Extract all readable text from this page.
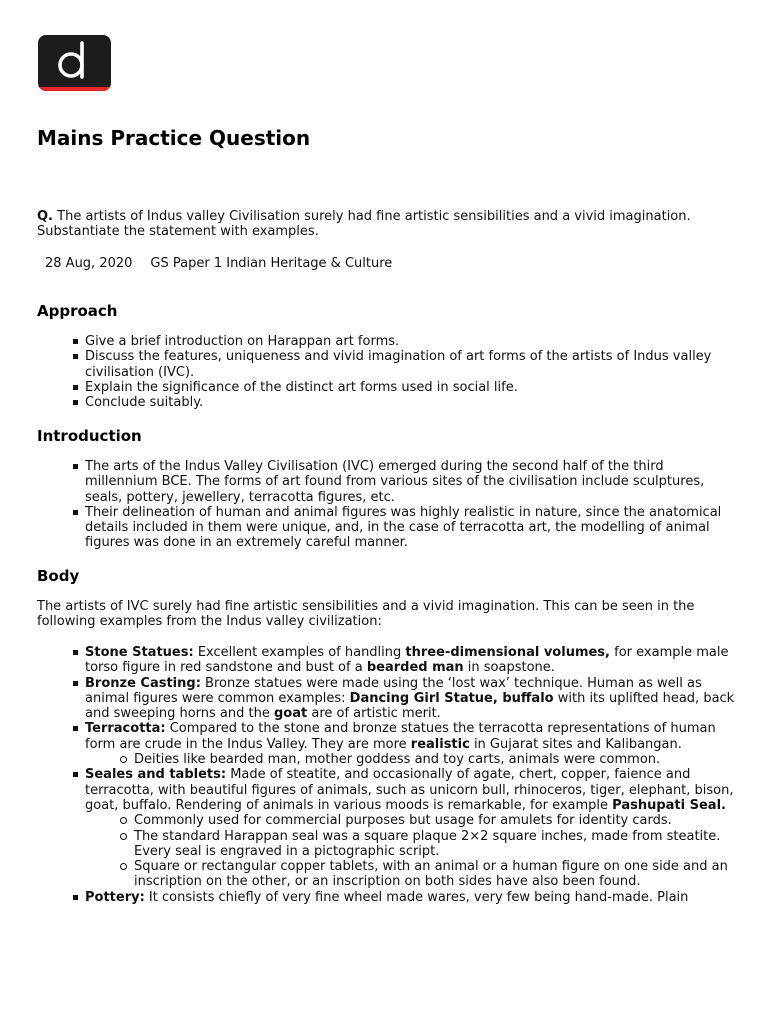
Mains Practice Question

Q. The artists of Indus valley Civilisation surely had fine artistic sensibilities and a vivid imagination. Substantiate the statement with examples.

28 Aug, 2020 GS Paper 1 Indian Heritage & Culture

Approach
Give a brief introduction on Harappan art forms.
Discuss the features, uniqueness and vivid imagination of art forms of the artists of Indus valley civilisation (IVC).
Explain the significance of the distinct art forms used in social life.
Conclude suitably.
Introduction
The arts of the Indus Valley Civilisation (IVC) emerged during the second half of the third millennium BCE. The forms of art found from various sites of the civilisation include sculptures, seals, pottery, jewellery, terracotta figures, etc.
Their delineation of human and animal figures was highly realistic in nature, since the anatomical details included in them were unique, and, in the case of terracotta art, the modelling of animal figures was done in an extremely careful manner.
Body

The artists of IVC surely had fine artistic sensibilities and a vivid imagination. This can be seen in the following examples from the Indus valley civilization:

Stone Statues: Excellent examples of handling three-dimensional volumes, for example male torso figure in red sandstone and bust of a bearded man in soapstone.
Bronze Casting: Bronze statues were made using the ‘lost wax’ technique. Human as well as animal figures were common examples: Dancing Girl Statue, buffalo with its uplifted head, back and sweeping horns and the goat are of artistic merit.
Terracotta: Compared to the stone and bronze statues the terracotta representations of human form are crude in the Indus Valley. They are more realistic in Gujarat sites and Kalibangan.
Deities like bearded man, mother goddess and toy carts, animals were common.
Seales and tablets: Made of steatite, and occasionally of agate, chert, copper, faience and terracotta, with beautiful figures of animals, such as unicorn bull, rhinoceros, tiger, elephant, bison, goat, buffalo. Rendering of animals in various moods is remarkable, for example Pashupati Seal.
Commonly used for commercial purposes but usage for amulets for identity cards.
The standard Harappan seal was a square plaque 2×2 square inches, made from steatite. Every seal is engraved in a pictographic script.
Square or rectangular copper tablets, with an animal or a human figure on one side and an inscription on the other, or an inscription on both sides have also been found.
Pottery: It consists chiefly of very fine wheel made wares, very few being hand-made. Plain
